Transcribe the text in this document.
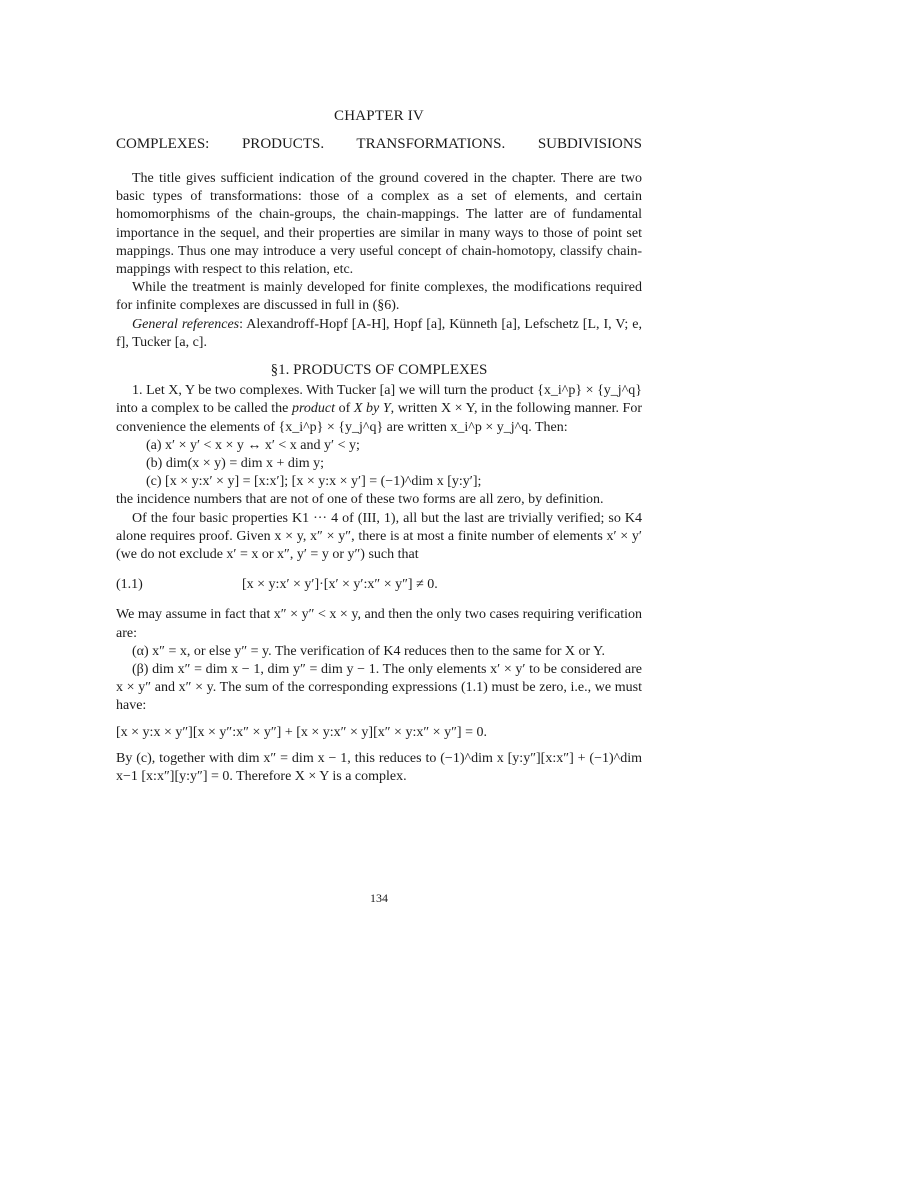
CHAPTER IV
COMPLEXES: PRODUCTS. TRANSFORMATIONS. SUBDIVISIONS

The title gives sufficient indication of the ground covered in the chapter. There are two basic types of transformations: those of a complex as a set of elements, and certain homomorphisms of the chain-groups, the chain-mappings. The latter are of fundamental importance in the sequel, and their properties are similar in many ways to those of point set mappings. Thus one may introduce a very useful concept of chain-homotopy, classify chain-mappings with respect to this relation, etc.

While the treatment is mainly developed for finite complexes, the modifications required for infinite complexes are discussed in full in (§6).

General references: Alexandroff-Hopf [A-H], Hopf [a], Künneth [a], Lefschetz [L, I, V; e, f], Tucker [a, c].

§1. PRODUCTS OF COMPLEXES

1. Let X, Y be two complexes. With Tucker [a] we will turn the product {x_i^p} × {y_j^q} into a complex to be called the product of X by Y, written X × Y, in the following manner. For convenience the elements of {x_i^p} × {y_j^q} are written x_i^p × y_j^q. Then:

(a) x′ × y′ < x × y ↔ x′ < x and y′ < y;

(b) dim(x × y) = dim x + dim y;

(c) [x × y:x′ × y] = [x:x′]; [x × y:x × y′] = (−1)^dim x [y:y′];

the incidence numbers that are not of one of these two forms are all zero, by definition.

Of the four basic properties K1 ··· 4 of (III, 1), all but the last are trivially verified; so K4 alone requires proof. Given x × y, x″ × y″, there is at most a finite number of elements x′ × y′ (we do not exclude x′ = x or x″, y′ = y or y″) such that

(1.1)	[x × y:x′ × y′]·[x′ × y′:x″ × y″] ≠ 0.

We may assume in fact that x″ × y″ < x × y, and then the only two cases requiring verification are:

(α) x″ = x, or else y″ = y. The verification of K4 reduces then to the same for X or Y.

(β) dim x″ = dim x − 1, dim y″ = dim y − 1. The only elements x′ × y′ to be considered are x × y″ and x″ × y. The sum of the corresponding expressions (1.1) must be zero, i.e., we must have:

[x × y:x × y″][x × y″:x″ × y″] + [x × y:x″ × y][x″ × y:x″ × y″] = 0.

By (c), together with dim x″ = dim x − 1, this reduces to (−1)^dim x [y:y″][x:x″] + (−1)^dim x−1 [x:x″][y:y″] = 0. Therefore X × Y is a complex.

134
